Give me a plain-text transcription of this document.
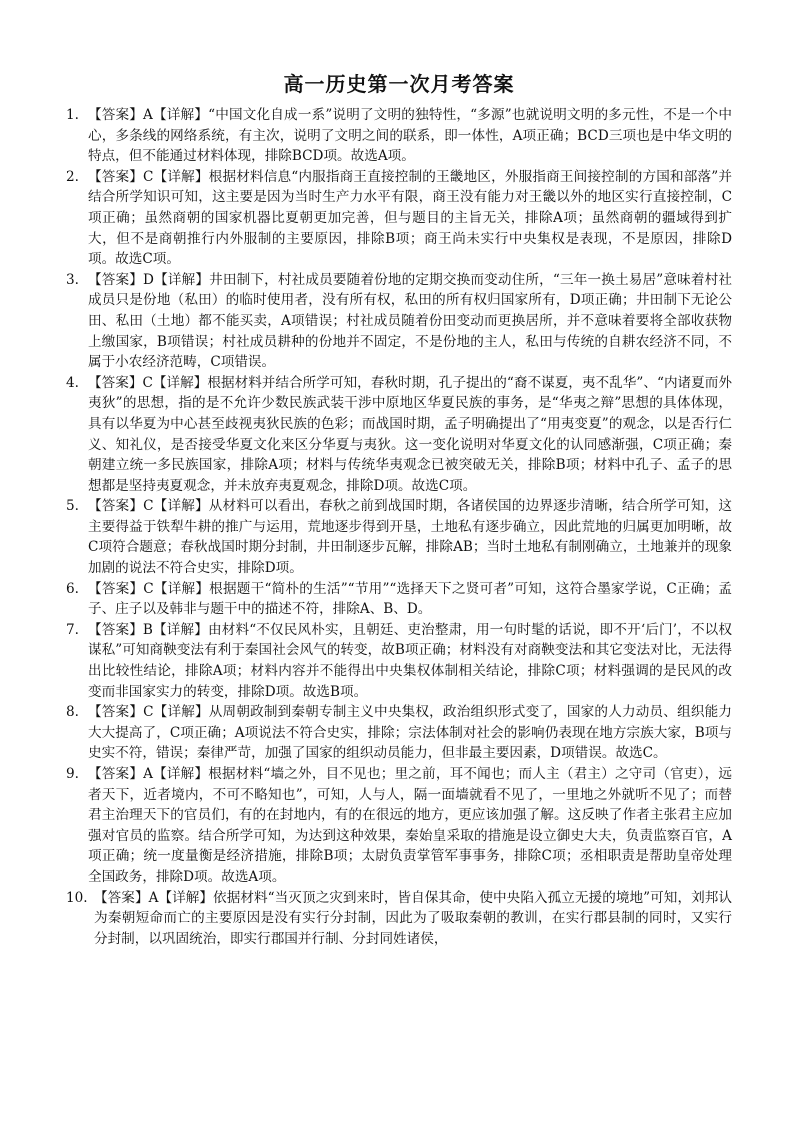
高一历史第一次月考答案

1. 【答案】A【详解】“中国文化自成一系”说明了文明的独特性，“多源”也就说明文明的多元性，不是一个中心，多条线的网络系统，有主次，说明了文明之间的联系，即一体性，A项正确；BCD三项也是中华文明的特点，但不能通过材料体现，排除BCD项。故选A项。

2. 【答案】C【详解】根据材料信息“内服指商王直接控制的王畿地区，外服指商王间接控制的方国和部落”并结合所学知识可知，这主要是因为当时生产力水平有限，商王没有能力对王畿以外的地区实行直接控制，C项正确；虽然商朝的国家机器比夏朝更加完善，但与题目的主旨无关，排除A项；虽然商朝的疆域得到扩大，但不是商朝推行内外服制的主要原因，排除B项；商王尚未实行中央集权是表现，不是原因，排除D项。故选C项。

3. 【答案】D【详解】井田制下，村社成员要随着份地的定期交换而变动住所，“三年一换土易居”意味着村社成员只是份地（私田）的临时使用者，没有所有权，私田的所有权归国家所有，D项正确；井田制下无论公田、私田（土地）都不能买卖，A项错误；村社成员随着份田变动而更换居所，并不意味着要将全部收获物上缴国家，B项错误；村社成员耕种的份地并不固定，不是份地的主人，私田与传统的自耕农经济不同，不属于小农经济范畴，C项错误。

4. 【答案】C【详解】根据材料并结合所学可知，春秋时期，孔子提出的“裔不谋夏，夷不乱华”、“内诸夏而外夷狄”的思想，指的是不允许少数民族武装干涉中原地区华夏民族的事务，是“华夷之辩”思想的具体体现，具有以华夏为中心甚至歧视夷狄民族的色彩；而战国时期，孟子明确提出了“用夷变夏”的观念，以是否行仁义、知礼仪，是否接受华夏文化来区分华夏与夷狄。这一变化说明对华夏文化的认同感渐强，C项正确；秦朝建立统一多民族国家，排除A项；材料与传统华夷观念已被突破无关，排除B项；材料中孔子、孟子的思想都是坚持夷夏观念，并未放弃夷夏观念，排除D项。故选C项。

5. 【答案】C【详解】从材料可以看出，春秋之前到战国时期，各诸侯国的边界逐步清晰，结合所学可知，这主要得益于铁犁牛耕的推广与运用，荒地逐步得到开垦，土地私有逐步确立，因此荒地的归属更加明晰，故C项符合题意；春秋战国时期分封制，井田制逐步瓦解，排除AB；当时土地私有制刚确立，土地兼并的现象加剧的说法不符合史实，排除D项。

6. 【答案】C【详解】根据题干“简朴的生活”“节用”“选择天下之贤可者”可知，这符合墨家学说，C正确；孟子、庄子以及韩非与题干中的描述不符，排除A、B、D。

7. 【答案】B【详解】由材料“不仅民风朴实，且朝廷、吏治整肃，用一句时髦的话说，即不开‘后门’，不以权谋私”可知商鞅变法有利于秦国社会风气的转变，故B项正确；材料没有对商鞅变法和其它变法对比，无法得出比较性结论，排除A项；材料内容并不能得出中央集权体制相关结论，排除C项；材料强调的是民风的改变而非国家实力的转变，排除D项。故选B项。

8. 【答案】C【详解】从周朝政制到秦朝专制主义中央集权，政治组织形式变了，国家的人力动员、组织能力大大提高了，C项正确；A项说法不符合史实，排除；宗法体制对社会的影响仍表现在地方宗族大家，B项与史实不符，错误；秦律严苛，加强了国家的组织动员能力，但非最主要因素，D项错误。故选C。

9. 【答案】A【详解】根据材料“墙之外，目不见也；里之前，耳不闻也；而人主（君主）之守司（官吏），远者天下，近者境内，不可不略知也”，可知，人与人，隔一面墙就看不见了，一里地之外就听不见了；而替君主治理天下的官员们，有的在封地内，有的在很远的地方，更应该加强了解。这反映了作者主张君主应加强对官员的监察。结合所学可知，为达到这种效果，秦始皇采取的措施是设立御史大夫，负责监察百官，A项正确；统一度量衡是经济措施，排除B项；太尉负责掌管军事事务，排除C项；丞相职责是帮助皇帝处理全国政务，排除D项。故选A项。

10. 【答案】A【详解】依据材料“当灭顶之灾到来时，皆自保其命，使中央陷入孤立无援的境地”可知，刘邦认为秦朝短命而亡的主要原因是没有实行分封制，因此为了吸取秦朝的教训，在实行郡县制的同时，又实行分封制，以巩固统治，即实行郡国并行制、分封同姓诸侯，
